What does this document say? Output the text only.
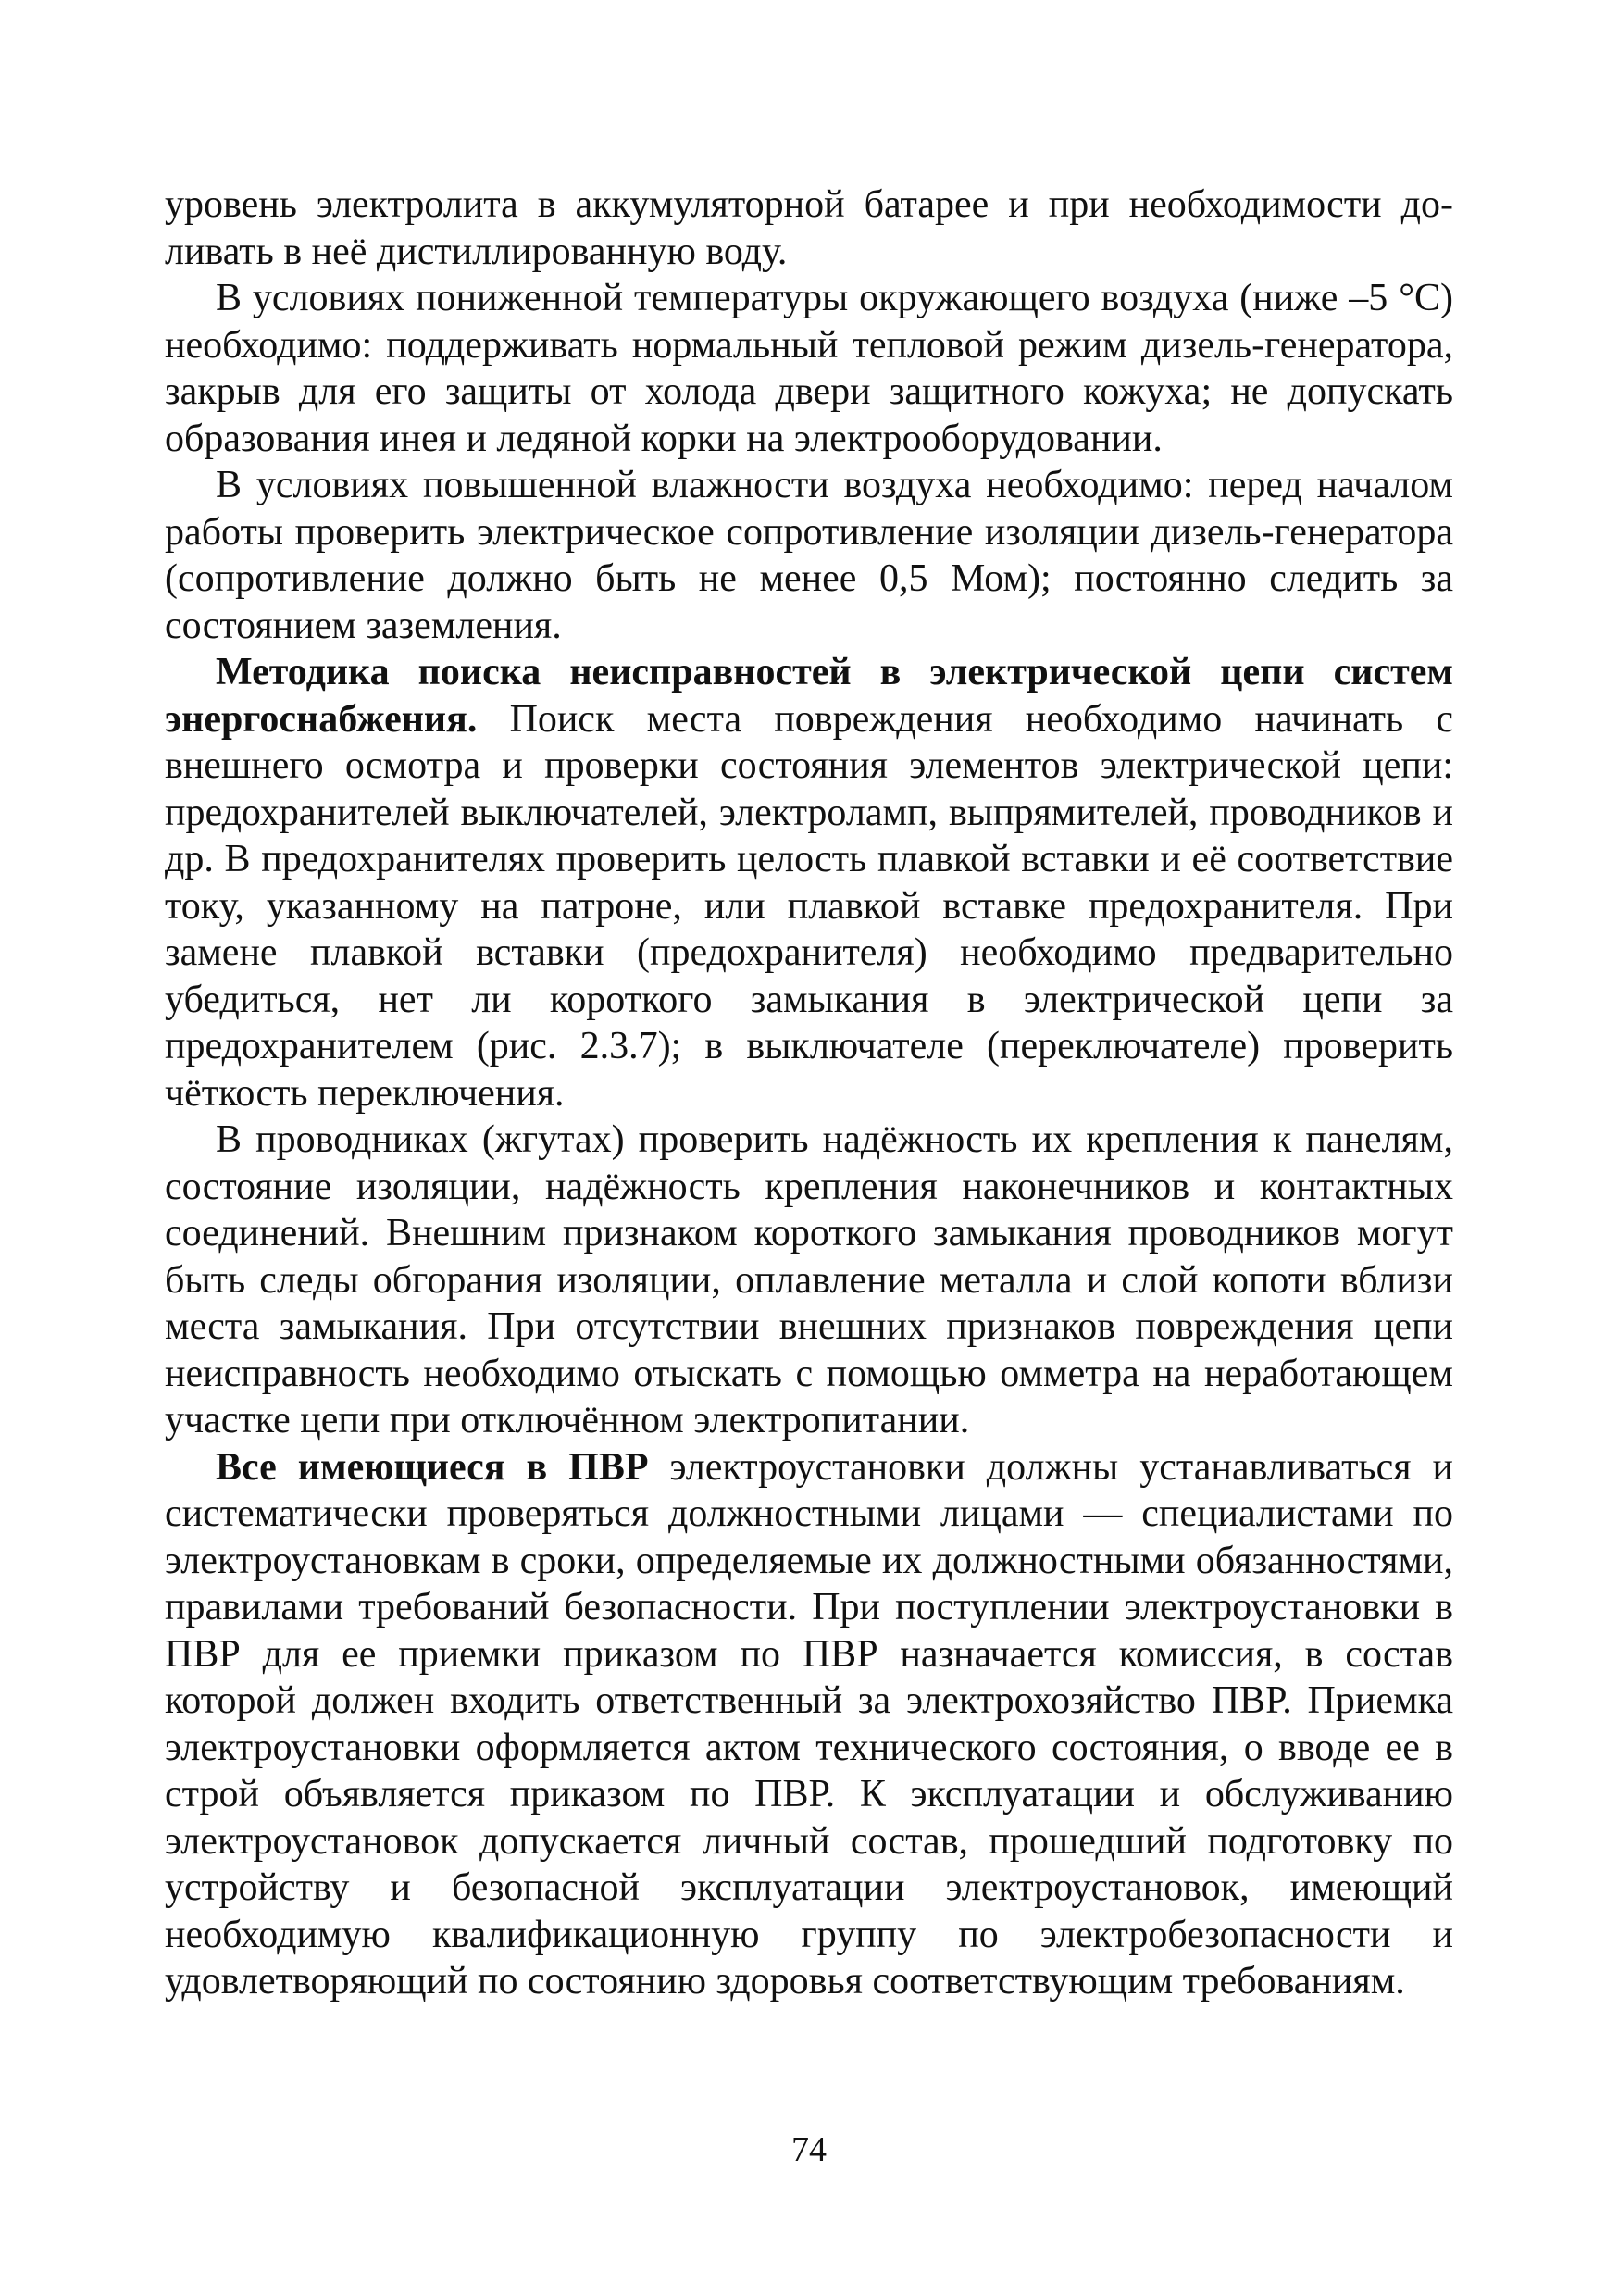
уровень электролита в аккумуляторной батарее и при необходимости доливать в неё дистиллированную воду.

В условиях пониженной температуры окружающего воздуха (ниже –5 °С) необходимо: поддерживать нормальный тепловой режим дизель-генератора, закрыв для его защиты от холода двери защитного кожуха; не допускать образования инея и ледяной корки на электрооборудовании.

В условиях повышенной влажности воздуха необходимо: перед началом работы проверить электрическое сопротивление изоляции дизель-генератора (сопротивление должно быть не менее 0,5 Мом); постоянно следить за состоянием заземления.

Методика поиска неисправностей в электрической цепи систем энергоснабжения. Поиск места повреждения необходимо начинать с внешнего осмотра и проверки состояния элементов электрической цепи: предохранителей выключателей, электроламп, выпрямителей, проводников и др. В предохранителях проверить целость плавкой вставки и её соответствие току, указанному на патроне, или плавкой вставке предохранителя. При замене плавкой вставки (предохранителя) необходимо предварительно убедиться, нет ли короткого замыкания в электрической цепи за предохранителем (рис. 2.3.7); в выключателе (переключателе) проверить чёткость переключения.

В проводниках (жгутах) проверить надёжность их крепления к панелям, состояние изоляции, надёжность крепления наконечников и контактных соединений. Внешним признаком короткого замыкания проводников могут быть следы обгорания изоляции, оплавление металла и слой копоти вблизи места замыкания. При отсутствии внешних признаков повреждения цепи неисправность необходимо отыскать с помощью омметра на неработающем участке цепи при отключённом электропитании.

Все имеющиеся в ПВР электроустановки должны устанавливаться и систематически проверяться должностными лицами — специалистами по электроустановкам в сроки, определяемые их должностными обязанностями, правилами требований безопасности. При поступлении электроустановки в ПВР для ее приемки приказом по ПВР назначается комиссия, в состав которой должен входить ответственный за электрохозяйство ПВР. Приемка электроустановки оформляется актом технического состояния, о вводе ее в строй объявляется приказом по ПВР. К эксплуатации и обслуживанию электроустановок допускается личный состав, прошедший подготовку по устройству и безопасной эксплуатации электроустановок, имеющий необходимую квалификационную группу по электробезопасности и удовлетворяющий по состоянию здоровья соответствующим требованиям.

74
